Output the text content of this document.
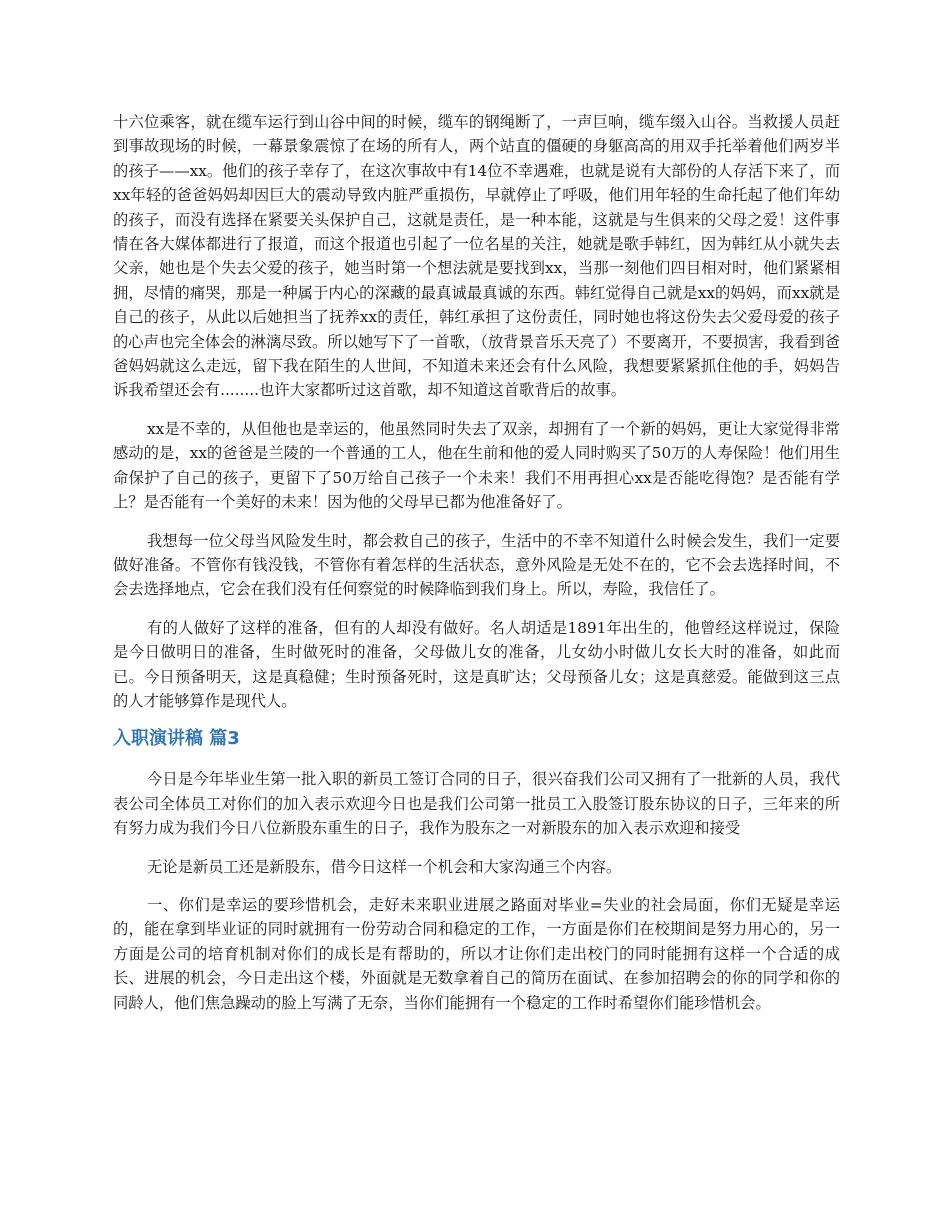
十六位乘客，就在缆车运行到山谷中间的时候，缆车的钢绳断了，一声巨响，缆车缀入山谷。当救援人员赶到事故现场的时候，一幕景象震惊了在场的所有人，两个站直的僵硬的身躯高高的用双手托举着他们两岁半的孩子——xx。他们的孩子幸存了，在这次事故中有14位不幸遇难，也就是说有大部份的人存活下来了，而xx年轻的爸爸妈妈却因巨大的震动导致内脏严重损伤，早就停止了呼吸，他们用年轻的生命托起了他们年幼的孩子，而没有选择在紧要关头保护自己，这就是责任，是一种本能，这就是与生俱来的父母之爱！这件事情在各大媒体都进行了报道，而这个报道也引起了一位名星的关注，她就是歌手韩红，因为韩红从小就失去父亲，她也是个失去父爱的孩子，她当时第一个想法就是要找到xx，当那一刻他们四目相对时，他们紧紧相拥，尽情的痛哭，那是一种属于内心的深藏的最真诚最真诚的东西。韩红觉得自己就是xx的妈妈，而xx就是自己的孩子，从此以后她担当了抚养xx的责任，韩红承担了这份责任，同时她也将这份失去父爱母爱的孩子的心声也完全体会的淋漓尽致。所以她写下了一首歌，（放背景音乐天亮了）不要离开，不要损害，我看到爸爸妈妈就这么走远，留下我在陌生的人世间，不知道未来还会有什么风险，我想要紧紧抓住他的手，妈妈告诉我希望还会有........也许大家都听过这首歌，却不知道这首歌背后的故事。

xx是不幸的，从但他也是幸运的，他虽然同时失去了双亲，却拥有了一个新的妈妈，更让大家觉得非常感动的是，xx的爸爸是兰陵的一个普通的工人，他在生前和他的爱人同时购买了50万的人寿保险！他们用生命保护了自己的孩子，更留下了50万给自己孩子一个未来！我们不用再担心xx是否能吃得饱？是否能有学上？是否能有一个美好的未来！因为他的父母早已都为他准备好了。

我想每一位父母当风险发生时，都会救自己的孩子，生活中的不幸不知道什么时候会发生，我们一定要做好准备。不管你有钱没钱，不管你有着怎样的生活状态，意外风险是无处不在的，它不会去选择时间，不会去选择地点，它会在我们没有任何察觉的时候降临到我们身上。所以，寿险，我信任了。

有的人做好了这样的准备，但有的人却没有做好。名人胡适是1891年出生的，他曾经这样说过，保险是今日做明日的准备，生时做死时的准备，父母做儿女的准备，儿女幼小时做儿女长大时的准备，如此而已。今日预备明天，这是真稳健；生时预备死时，这是真旷达；父母预备儿女；这是真慈爱。能做到这三点的人才能够算作是现代人。

入职演讲稿 篇3

今日是今年毕业生第一批入职的新员工签订合同的日子，很兴奋我们公司又拥有了一批新的人员，我代表公司全体员工对你们的加入表示欢迎今日也是我们公司第一批员工入股签订股东协议的日子，三年来的所有努力成为我们今日八位新股东重生的日子，我作为股东之一对新股东的加入表示欢迎和接受

无论是新员工还是新股东，借今日这样一个机会和大家沟通三个内容。

一、你们是幸运的要珍惜机会，走好未来职业进展之路面对毕业=失业的社会局面，你们无疑是幸运的，能在拿到毕业证的同时就拥有一份劳动合同和稳定的工作，一方面是你们在校期间是努力用心的，另一方面是公司的培育机制对你们的成长是有帮助的，所以才让你们走出校门的同时能拥有这样一个合适的成长、进展的机会，今日走出这个楼，外面就是无数拿着自己的简历在面试、在参加招聘会的你的同学和你的同龄人，他们焦急躁动的脸上写满了无奈，当你们能拥有一个稳定的工作时希望你们能珍惜机会。
